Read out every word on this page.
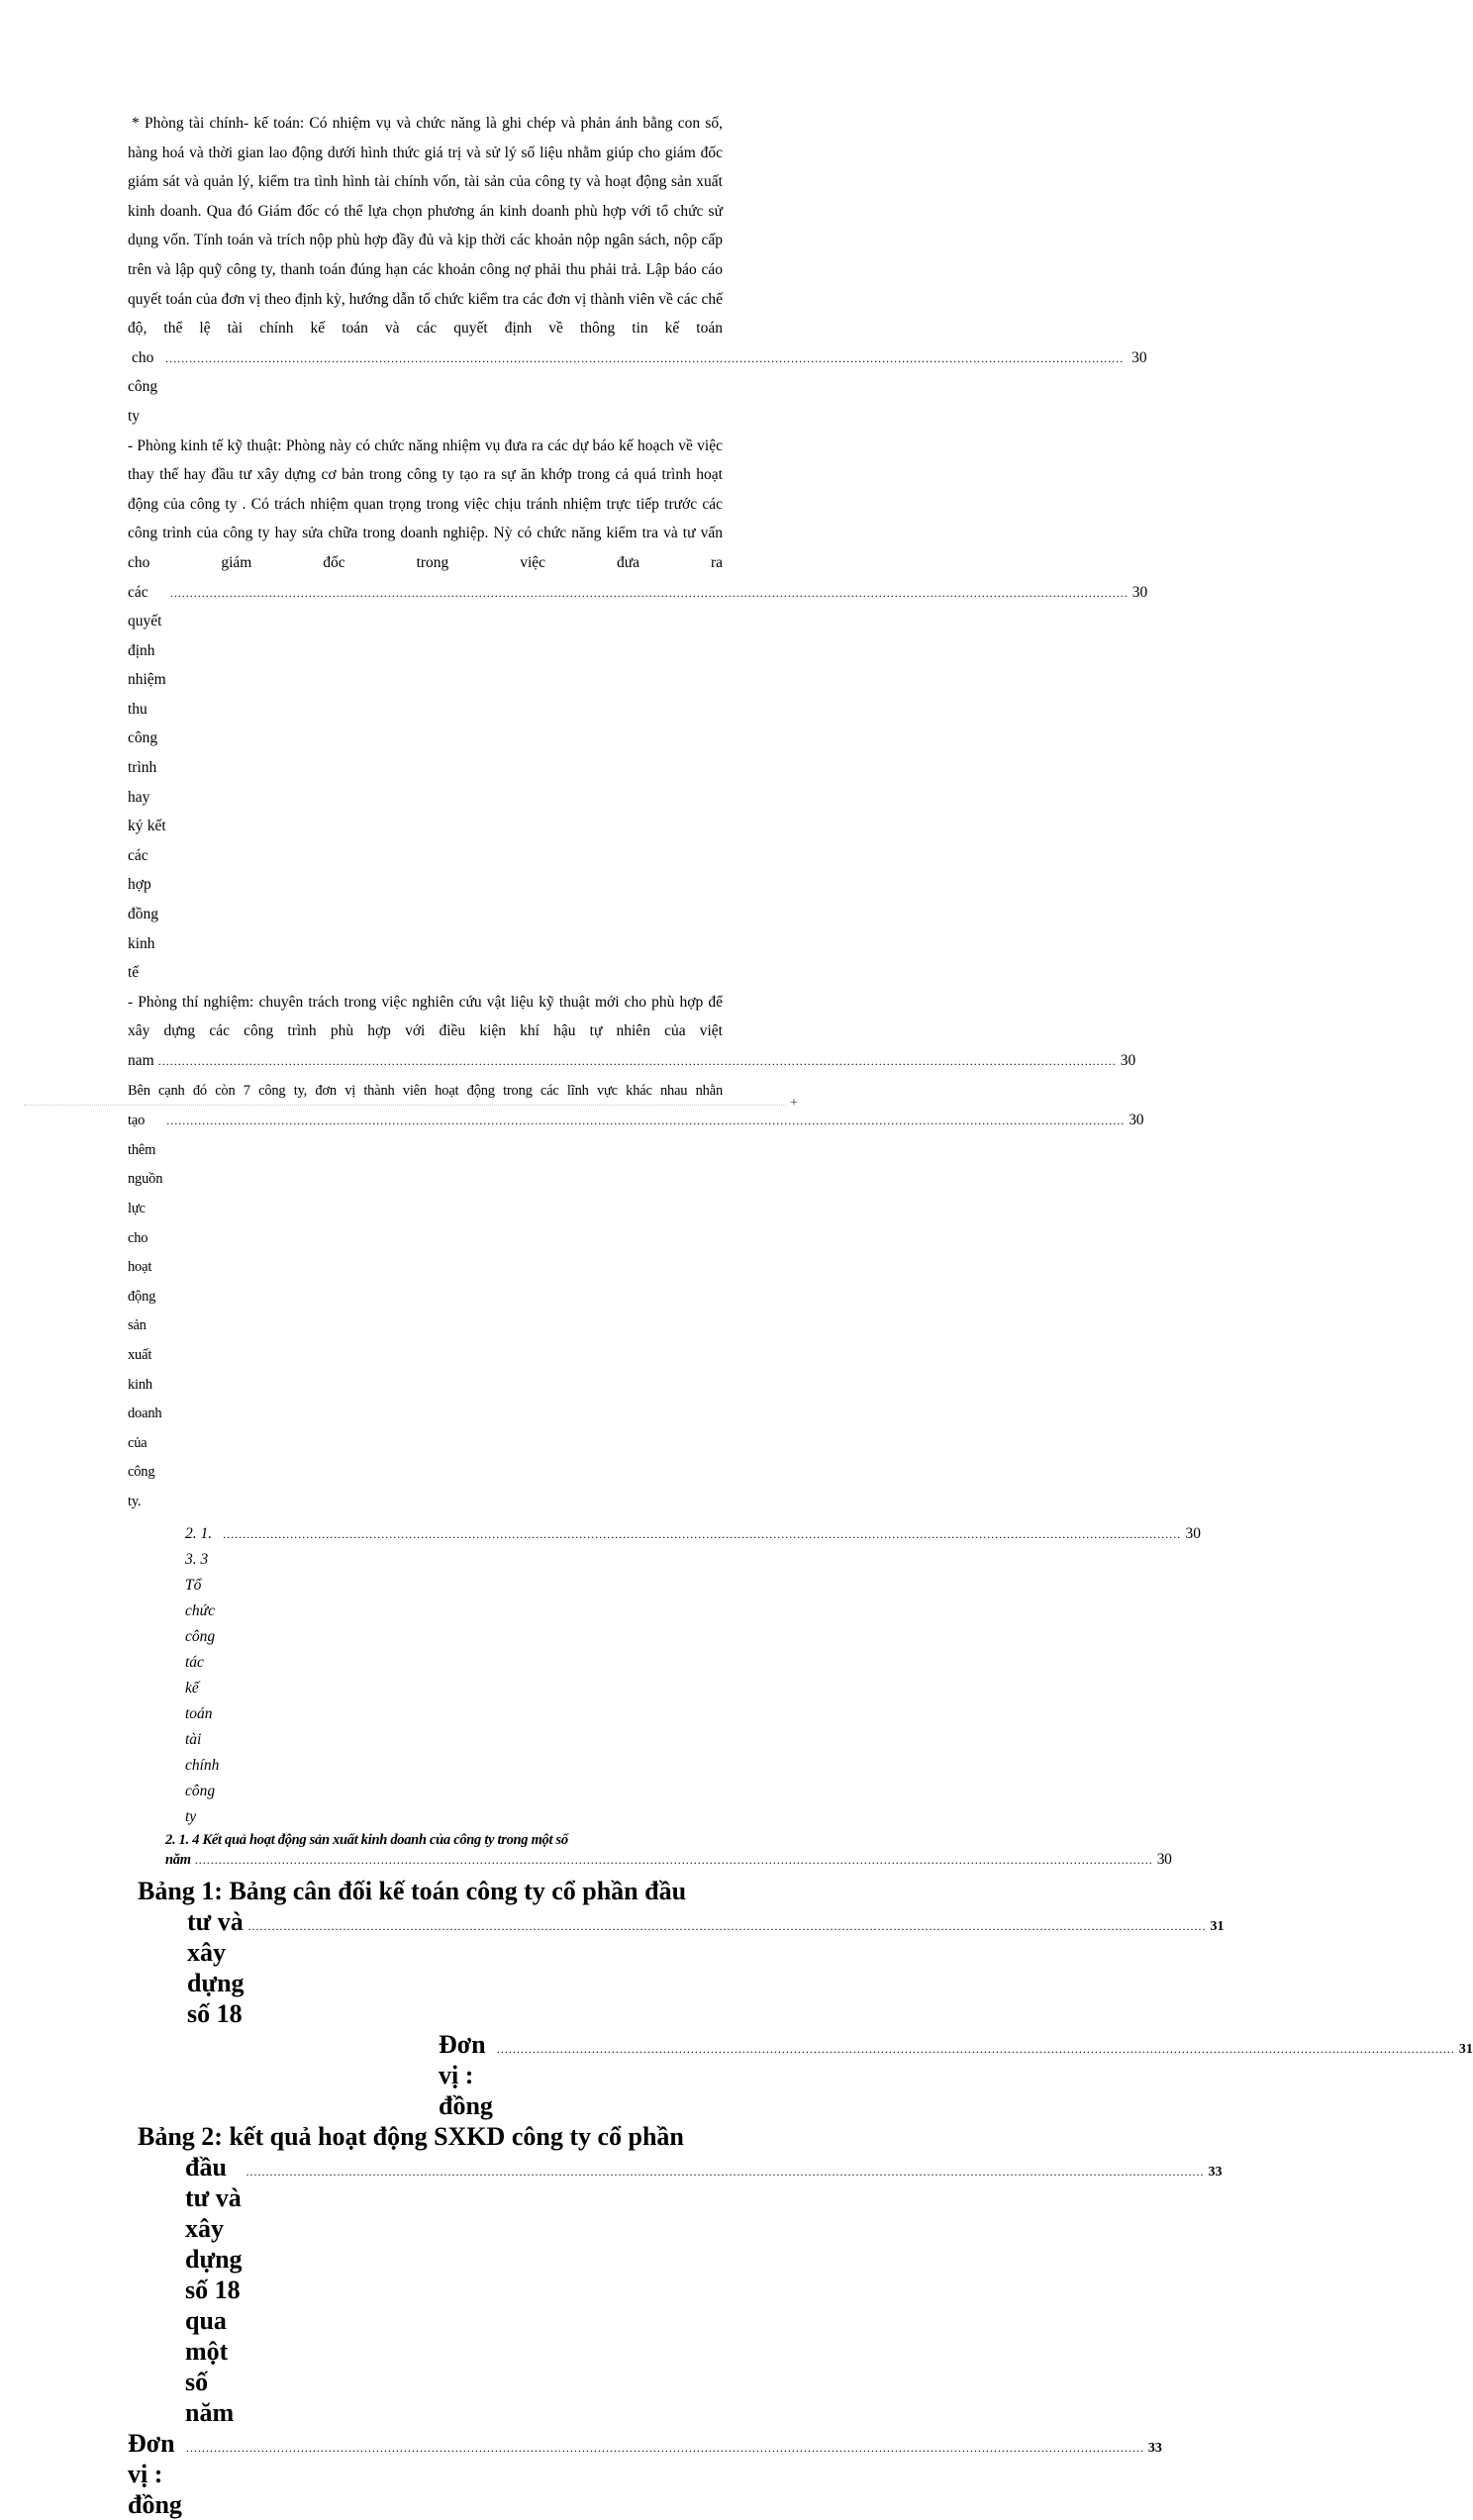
* Phòng tài chính- kế toán: Có nhiệm vụ và chức năng là ghi chép và phản ánh bằng con số, hàng hoá và thời gian lao động dưới hình thức giá trị và sử lý số liệu nhằm giúp cho giám đốc giám sát và quản lý, kiểm tra tình hình tài chính vốn, tài sản của công ty và hoạt động sản xuất kinh doanh. Qua đó Giám đốc có thể lựa chọn phương án kinh doanh phù hợp với tổ chức sử dụng vốn. Tính toán và trích nộp phù hợp đầy đủ và kịp thời các khoản nộp ngân sách, nộp cấp trên và lập quỹ công ty, thanh toán đúng hạn các khoản công nợ phải thu phải trả. Lập báo cáo quyết toán của đơn vị theo định kỳ, hướng dẫn tổ chức kiểm tra các đơn vị thành viên về các chế độ, thể lệ tài chính kế toán và các quyết định về thông tin kế toán
cho công ty
.................................................................................................................................................................................................................................................. 30
- Phòng kinh tế kỹ thuật: Phòng này có chức năng nhiệm vụ đưa ra các dự báo kế hoạch về việc thay thế hay đầu tư xây dựng cơ bản trong công ty tạo ra sự ăn khớp trong cả quá trình hoạt động của công ty . Có trách nhiệm quan trọng trong việc chịu tránh nhiệm trực tiếp trước các công trình của công ty hay sửa chữa trong doanh nghiệp. Nỳ có chức năng kiểm tra và tư vấn cho giám đốc trong việc đưa ra
các quyết định nhiệm thu công trình hay ký kết các hợp đồng kinh tế
.................................................................................................................................................................................................................................................. 30
- Phòng thí nghiệm: chuyên trách trong việc nghiên cứu vật liệu kỹ thuật mới cho phù hợp để xây dựng các công trình phù hợp với điều kiện khí hậu tự nhiên của việt
nam .................................................................................................................................................................................................................................................. 30
Bên cạnh đó còn 7 công ty, đơn vị thành viên hoạt động trong các lĩnh vực khác nhau nhằn
tạo thêm nguồn lực cho hoạt động sản xuất kinh doanh của công ty.
.................................................................................................................................................................................................................................................. 30
2. 1. 3. 3 Tổ chức công tác kế toán tài chính công ty
.................................................................................................................................................................................................................................................. 30
2. 1. 4 Kết quả hoạt động sản xuất kinh doanh của công ty trong một số
năm .................................................................................................................................................................................................................................................. 30
Bảng 1: Bảng cân đối kế toán công ty cổ phần đầu
tư và xây dựng số 18
.................................................................................................................................................................................................................................................. 31
Đơn vị : đồng
.................................................................................................................................................................................................................................................. 31
Bảng 2: kết quả hoạt động SXKD công ty cổ phần
đầu tư và xây dựng số 18 qua một số năm
.................................................................................................................................................................................................................................................. 33
Đơn vị : đồng
.................................................................................................................................................................................................................................................. 33
+
